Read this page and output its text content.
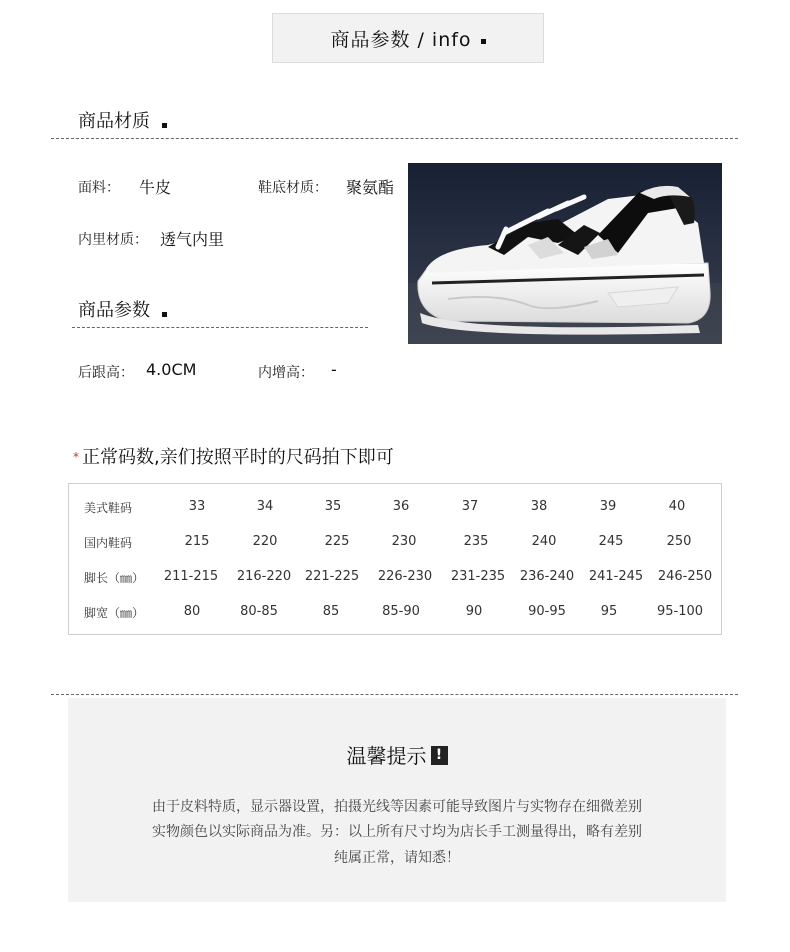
商品参数 / info
商品材质
面料： 牛皮	鞋底材质： 聚氨酯
内里材质： 透气内里
商品参数
后跟高： 4.0CM	内增高： -
* 正常码数,亲们按照平时的尺码拍下即可
美式鞋码	33	34	35	36	37	38	39	40
国内鞋码	215	220	225	230	235	240	245	250
脚长（㎜）	211-215	216-220	221-225	226-230	231-235	236-240	241-245	246-250
脚宽（㎜）	80	80-85	85	85-90	90	90-95	95	95-100
温馨提示 !
由于皮料特质，显示器设置，拍摄光线等因素可能导致图片与实物存在细微差别
实物颜色以实际商品为准。另：以上所有尺寸均为店长手工测量得出，略有差别
纯属正常，请知悉！
